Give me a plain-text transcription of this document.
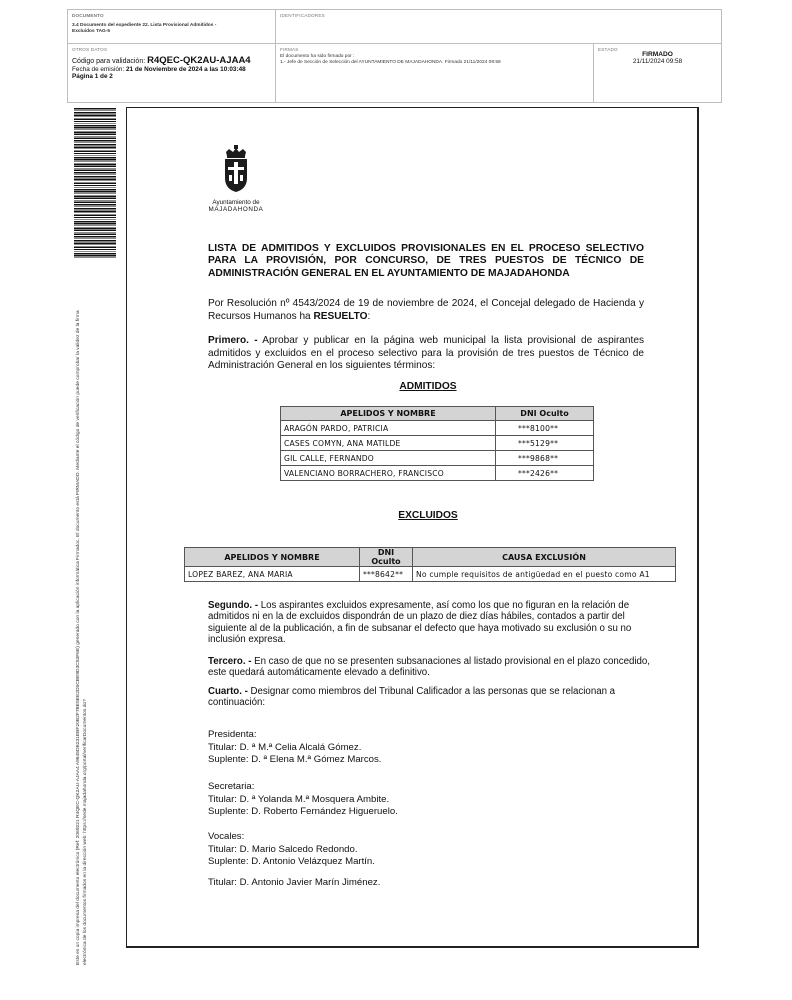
DOCUMENTO
3.4 Documento del expediente 22. Lista Provisional Admitidos -Excluidos TAG-5
IDENTIFICADORES
OTROS DATOS
Código para validación: R4QEC-QK2AU-AJAA4
Fecha de emisión: 21 de Noviembre de 2024 a las 10:03:48
Página 1 de 2
FIRMAS
El documento ha sido firmado por :
1.- Jefe de Sección de Selección del AYUNTAMIENTO DE MAJADAHONDA. Firmado 21/11/2024 09:58
ESTADO
FIRMADO
21/11/2024 09:58
Este es un copia impresa del documento electrónico (Ref: 2069221 R4QEC-QK2AU-AJAA4 A9845DB231EBF20B2F7BE5EE2D5CBE9D3C53F6E) generado con la aplicación informática Firmadoc. El documento está FIRMADO. Mediante el código de verificación puede comprobar la validez de la firma electrónica de los documentos firmados en la dirección web: https://sede.majadahonda.org/portal/verificarDocumentos.do?
Ayuntamiento de
MAJADAHONDA
LISTA DE ADMITIDOS Y EXCLUIDOS PROVISIONALES EN EL PROCESO SELECTIVO PARA LA PROVISIÓN, POR CONCURSO, DE TRES PUESTOS DE TÉCNICO DE ADMINISTRACIÓN GENERAL EN EL AYUNTAMIENTO DE MAJADAHONDA
Por Resolución nº 4543/2024 de 19 de noviembre de 2024, el Concejal delegado de Hacienda y Recursos Humanos ha RESUELTO:
Primero. - Aprobar y publicar en la página web municipal la lista provisional de aspirantes admitidos y excluidos en el proceso selectivo para la provisión de tres puestos de Técnico de Administración General en los siguientes términos:
ADMITIDOS
APELIDOS Y NOMBRE	DNI Oculto
ARAGÓN PARDO, PATRICIA	***8100**
CASES COMYN, ANA MATILDE	***5129**
GIL CALLE, FERNANDO	***9868**
VALENCIANO BORRACHERO, FRANCISCO	***2426**
EXCLUIDOS
APELIDOS Y NOMBRE	DNI Oculto	CAUSA EXCLUSIÓN
LOPEZ BAREZ, ANA MARIA	***8642**	No cumple requisitos de antigüedad en el puesto como A1
Segundo. - Los aspirantes excluidos expresamente, así como los que no figuran en la relación de admitidos ni en la de excluidos dispondrán de un plazo de diez días hábiles, contados a partir del siguiente al de la publicación, a fin de subsanar el defecto que haya motivado su exclusión o su no inclusión expresa.
Tercero. - En caso de que no se presenten subsanaciones al listado provisional en el plazo concedido, este quedará automáticamente elevado a definitivo.
Cuarto. - Designar como miembros del Tribunal Calificador a las personas que se relacionan a continuación:
Presidenta:
Titular: D. ª M.ª Celia Alcalá Gómez.
Suplente: D. ª Elena M.ª Gómez Marcos.
Secretaria:
Titular: D. ª Yolanda M.ª Mosquera Ambite.
Suplente: D. Roberto Fernández Higueruelo.
Vocales:
Titular: D. Mario Salcedo Redondo.
Suplente: D. Antonio Velázquez Martín.
Titular: D. Antonio Javier Marín Jiménez.
